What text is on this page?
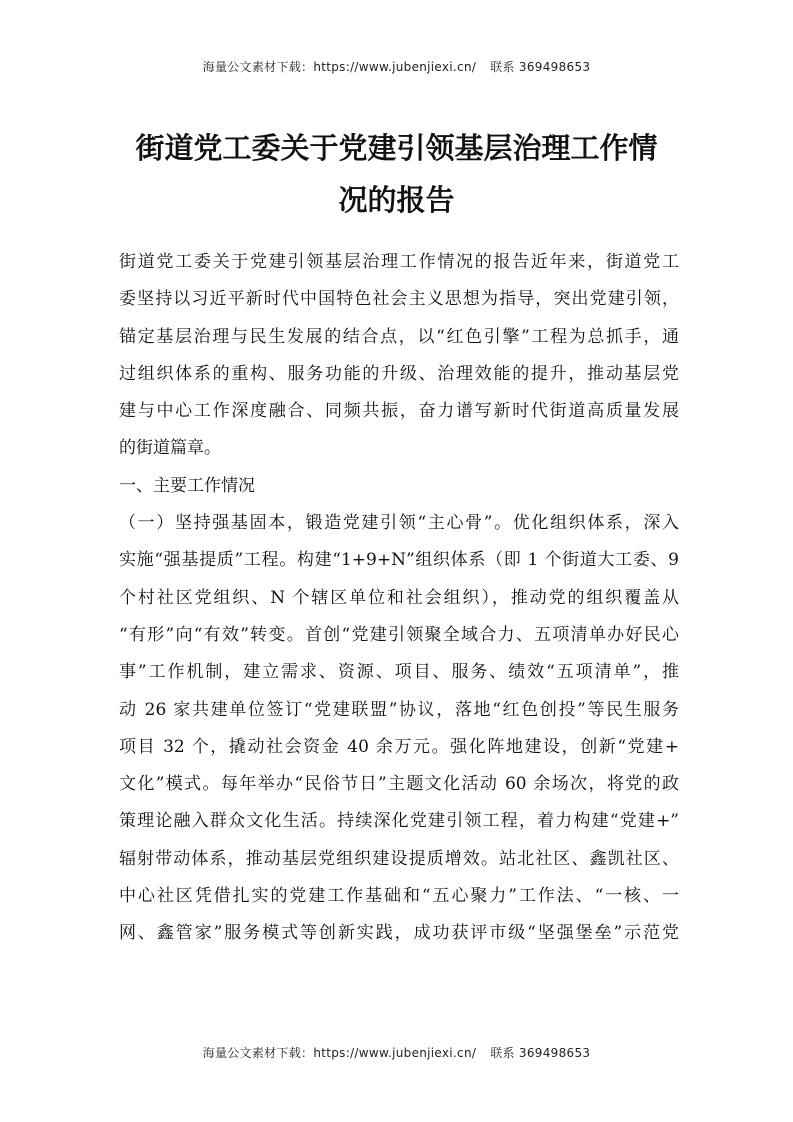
海量公文素材下载：https://www.jubenjiexi.cn/ 联系 369498653
街道党工委关于党建引领基层治理工作情
况的报告

街道党工委关于党建引领基层治理工作情况的报告近年来，街道党工
委坚持以习近平新时代中国特色社会主义思想为指导，突出党建引领，
锚定基层治理与民生发展的结合点，以“红色引擎”工程为总抓手，通
过组织体系的重构、服务功能的升级、治理效能的提升，推动基层党
建与中心工作深度融合、同频共振，奋力谱写新时代街道高质量发展
的街道篇章。

一、主要工作情况

（一）坚持强基固本，锻造党建引领“主心骨”。优化组织体系，深入
实施“强基提质”工程。构建“1+9+N”组织体系（即 1 个街道大工委、9
个村社区党组织、N 个辖区单位和社会组织），推动党的组织覆盖从
“有形”向“有效”转变。首创“党建引领聚全域合力、五项清单办好民心
事”工作机制，建立需求、资源、项目、服务、绩效“五项清单”，推
动 26 家共建单位签订“党建联盟”协议，落地“红色创投”等民生服务
项目 32 个，撬动社会资金 40 余万元。强化阵地建设，创新“党建+
文化”模式。每年举办“民俗节日”主题文化活动 60 余场次，将党的政
策理论融入群众文化生活。持续深化党建引领工程，着力构建“党建+”
辐射带动体系，推动基层党组织建设提质增效。站北社区、鑫凯社区、
中心社区凭借扎实的党建工作基础和“五心聚力”工作法、“一核、一
网、鑫管家”服务模式等创新实践，成功获评市级“坚强堡垒”示范党

海量公文素材下载：https://www.jubenjiexi.cn/ 联系 369498653
